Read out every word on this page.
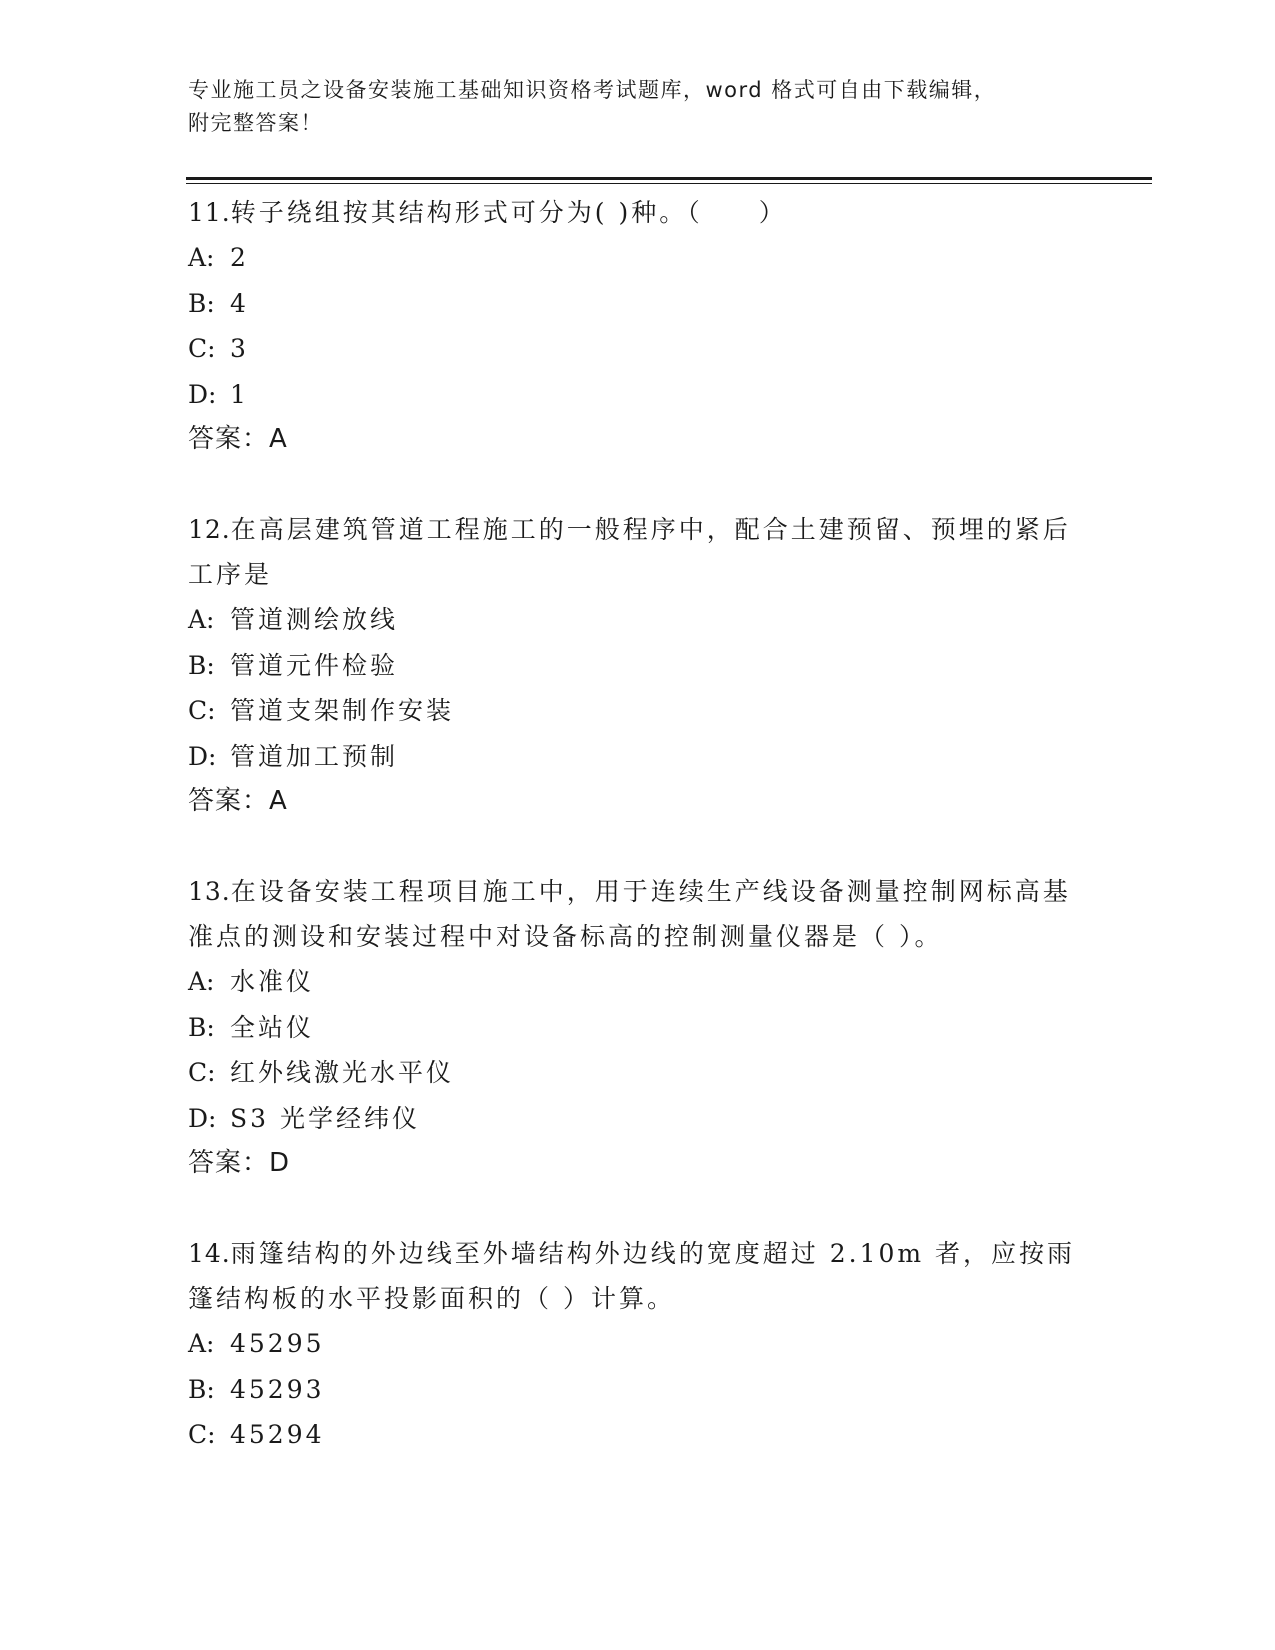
专业施工员之设备安装施工基础知识资格考试题库，word 格式可自由下载编辑，
附完整答案！

11.转子绕组按其结构形式可分为( )种。（　　）

A: 2

B: 4

C: 3

D: 1

答案：A

12.在高层建筑管道工程施工的一般程序中，配合土建预留、预埋的紧后工序是

A: 管道测绘放线

B: 管道元件检验

C: 管道支架制作安装

D: 管道加工预制

答案：A

13.在设备安装工程项目施工中，用于连续生产线设备测量控制网标高基准点的测设和安装过程中对设备标高的控制测量仪器是（ ）。

A: 水准仪

B: 全站仪

C: 红外线激光水平仪

D: S3 光学经纬仪

答案：D

14.雨篷结构的外边线至外墙结构外边线的宽度超过 2.10m 者，应按雨篷结构板的水平投影面积的（ ）计算。

A: 45295

B: 45293

C: 45294
